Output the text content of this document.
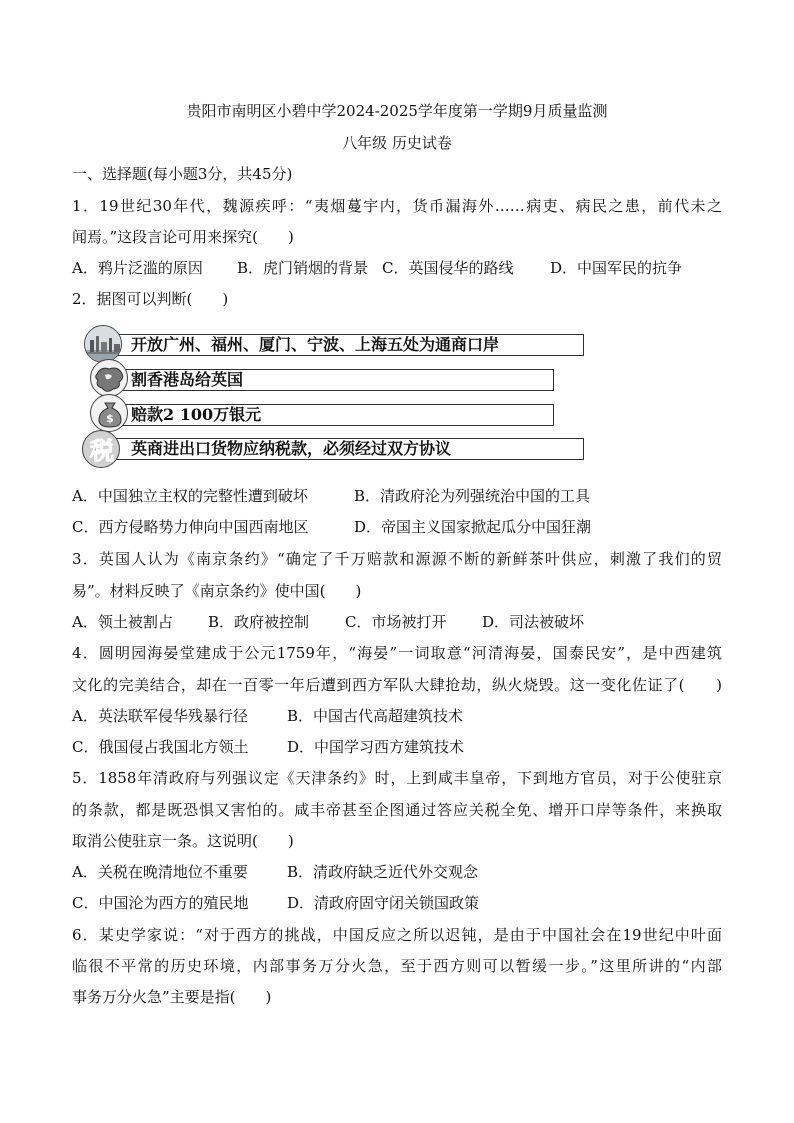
贵阳市南明区小碧中学2024-2025学年度第一学期9月质量监测
八年级 历史试卷
一、选择题(每小题3分，共45分)
1．19世纪30年代，魏源疾呼：“夷烟蔓宇内，货币漏海外……病吏、病民之患，前代未之
闻焉。”这段言论可用来探究(　　)
A．鸦片泛滥的原因 B．虎门销烟的背景 C．英国侵华的路线 D．中国军民的抗争
2．据图可以判断(　　)
开放广州、福州、厦门、宁波、上海五处为通商口岸
割香港岛给英国
赔款2 100万银元
英商进出口货物应纳税款，必须经过双方协议
$
税
A．中国独立主权的完整性遭到破坏	B．清政府沦为列强统治中国的工具
C．西方侵略势力伸向中国西南地区	D．帝国主义国家掀起瓜分中国狂潮
3．英国人认为《南京条约》“确定了千万赔款和源源不断的新鲜茶叶供应，刺激了我们的贸
易”。材料反映了《南京条约》使中国(　　)
A．领土被割占 B．政府被控制 C．市场被打开 D．司法被破坏
4．圆明园海晏堂建成于公元1759年，“海晏”一词取意“河清海晏，国泰民安”，是中西建筑
文化的完美结合，却在一百零一年后遭到西方军队大肆抢劫，纵火烧毁。这一变化佐证了(　　)
A．英法联军侵华残暴行径	B．中国古代高超建筑技术
C．俄国侵占我国北方领土	D．中国学习西方建筑技术
5．1858年清政府与列强议定《天津条约》时，上到咸丰皇帝，下到地方官员，对于公使驻京
的条款，都是既恐惧又害怕的。咸丰帝甚至企图通过答应关税全免、增开口岸等条件，来换取
取消公使驻京一条。这说明(　　)
A．关税在晚清地位不重要	B．清政府缺乏近代外交观念
C．中国沦为西方的殖民地	D．清政府固守闭关锁国政策
6．某史学家说：“对于西方的挑战，中国反应之所以迟钝，是由于中国社会在19世纪中叶面
临很不平常的历史环境，内部事务万分火急，至于西方则可以暂缓一步。”这里所讲的“内部
事务万分火急”主要是指(　　)
